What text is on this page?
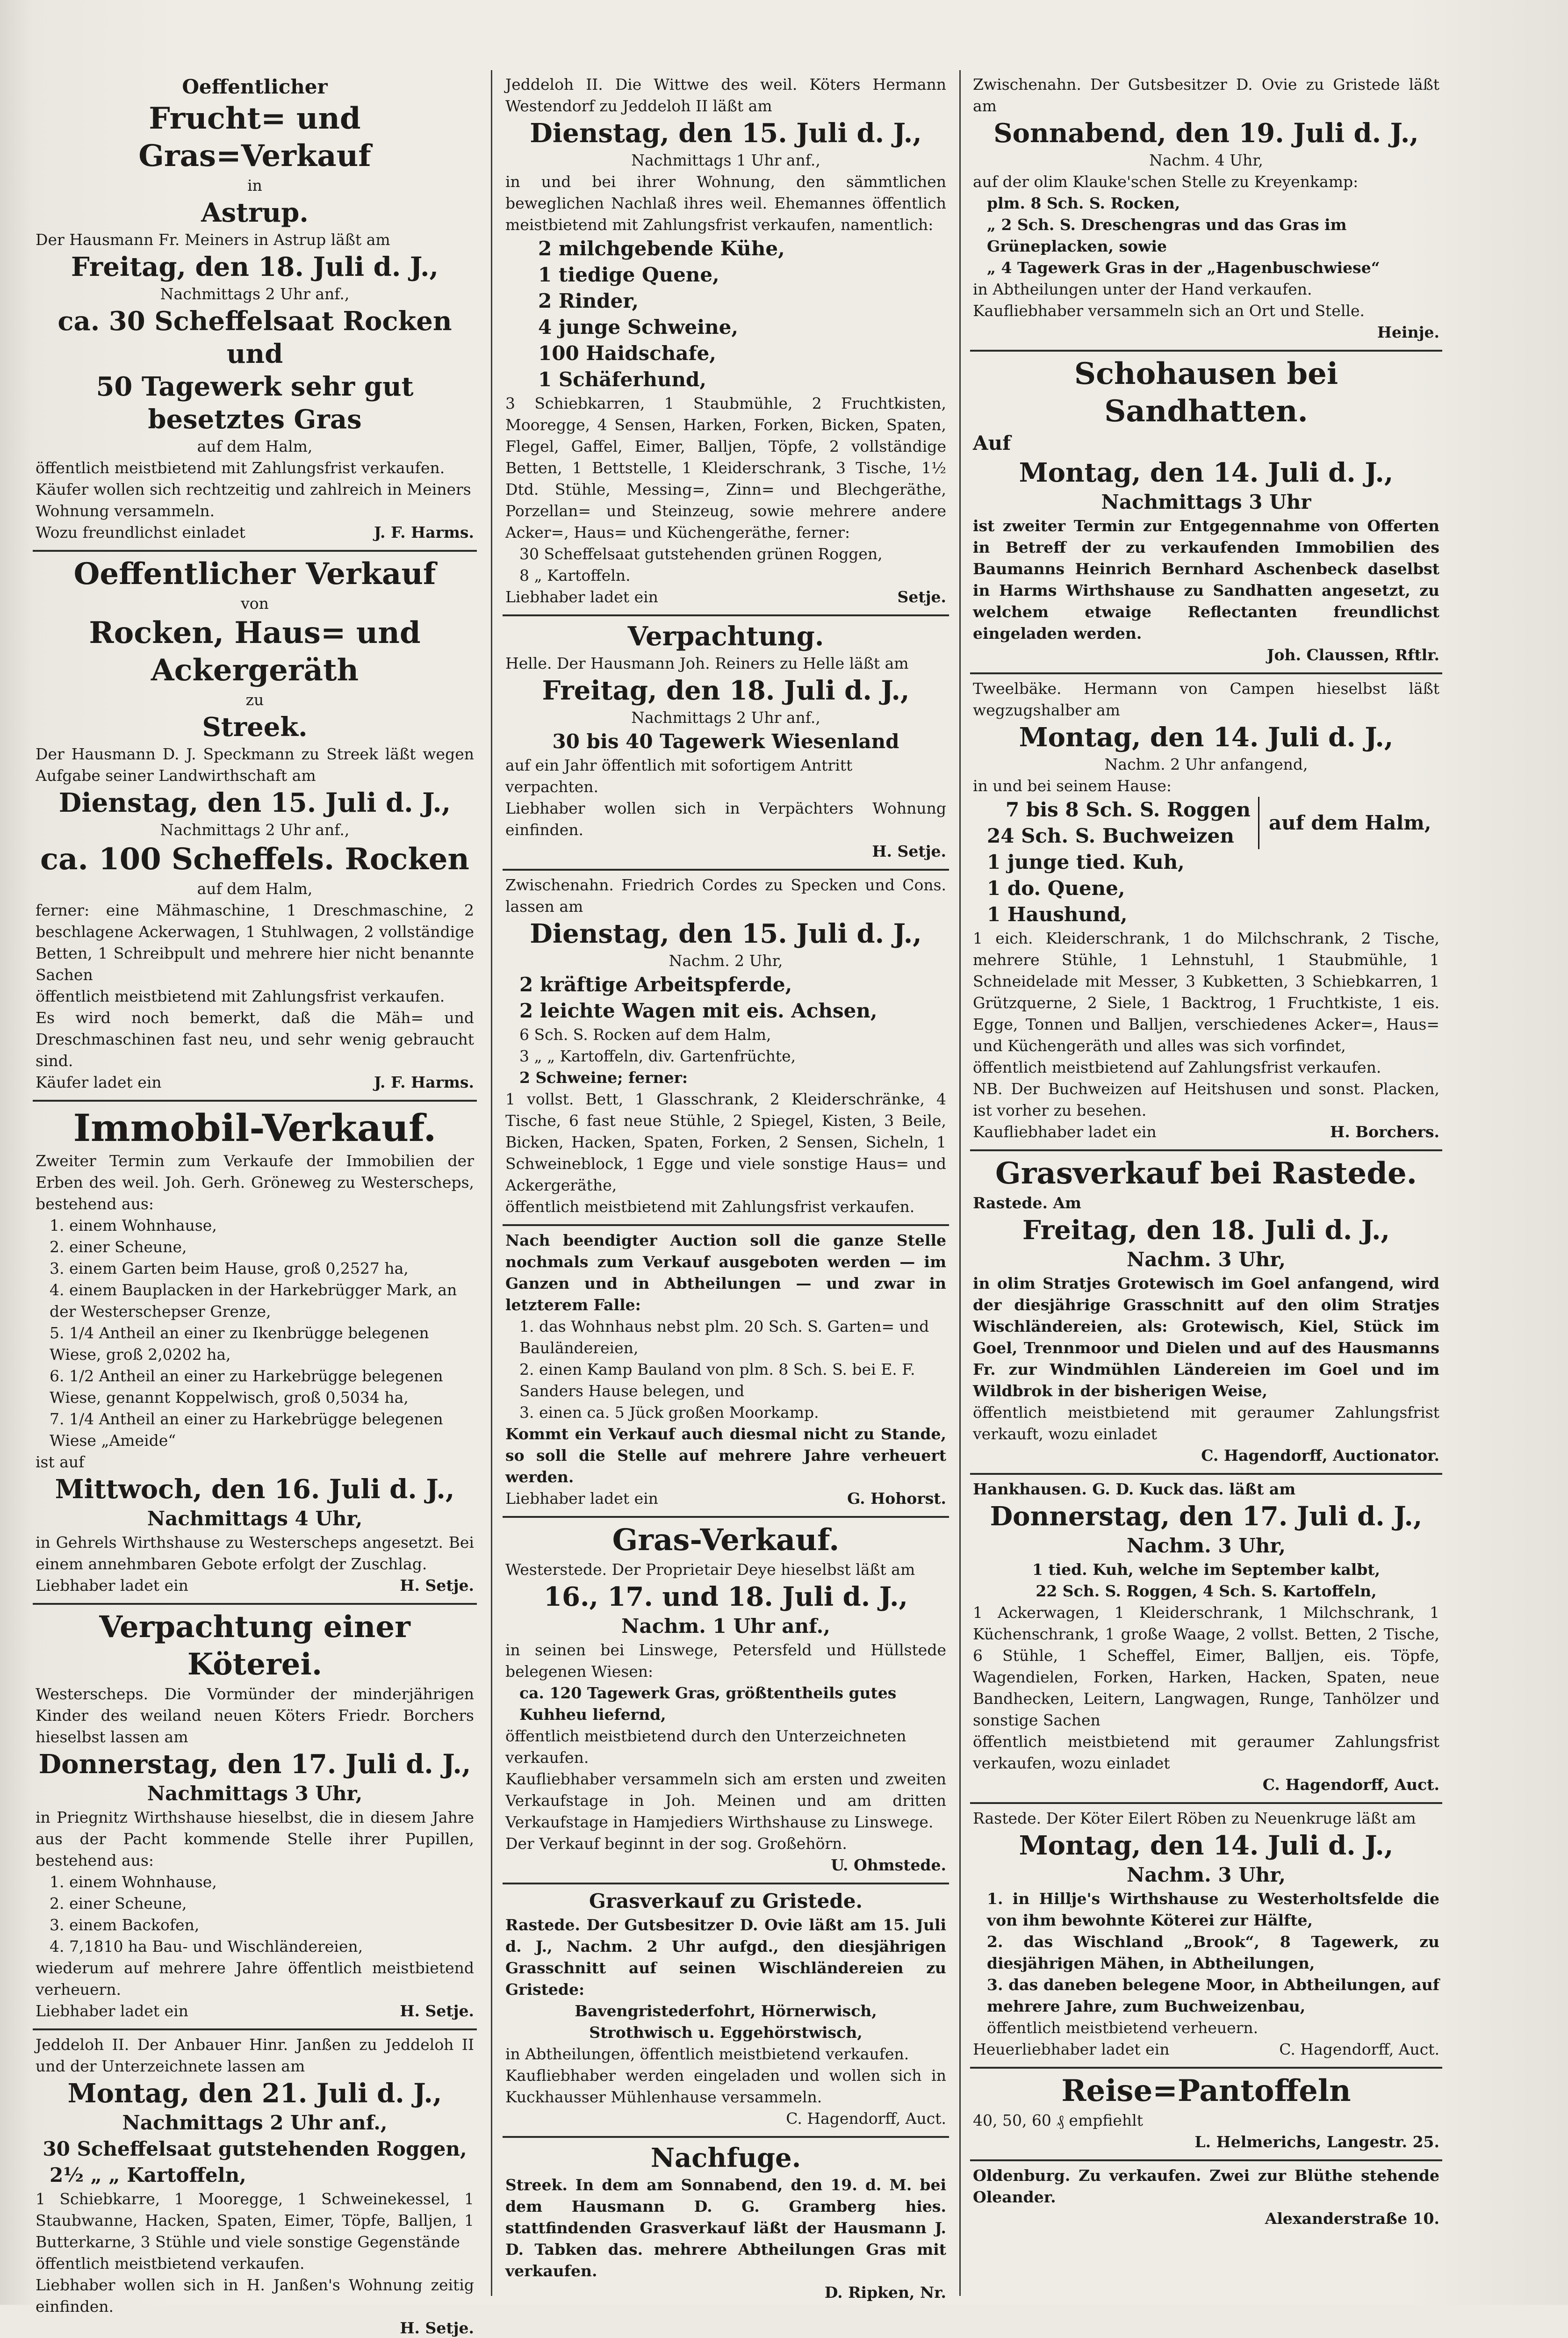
Oeffentlicher
Frucht= und Gras=Verkauf
in
Astrup.
Der Hausmann Fr. Meiners in Astrup läßt am
Freitag, den 18. Juli d. J.,
Nachmittags 2 Uhr anf.,
ca. 30 Scheffelsaat Rocken und
50 Tagewerk sehr gut besetztes Gras
auf dem Halm,
öffentlich meistbietend mit Zahlungsfrist verkaufen.
Käufer wollen sich rechtzeitig und zahlreich in Meiners Wohnung versammeln.
Wozu freundlichst einladet	J. F. Harms.
Oeffentlicher Verkauf
von
Rocken, Haus= und Ackergeräth
zu
Streek.
Der Hausmann D. J. Speckmann zu Streek läßt wegen Aufgabe seiner Landwirthschaft am
Dienstag, den 15. Juli d. J.,
Nachmittags 2 Uhr anf.,
ca. 100 Scheffels. Rocken
auf dem Halm,
ferner: eine Mähmaschine, 1 Dreschmaschine, 2 beschlagene Ackerwagen, 1 Stuhlwagen, 2 vollständige Betten, 1 Schreibpult und mehrere hier nicht benannte Sachen
öffentlich meistbietend mit Zahlungsfrist verkaufen.
Es wird noch bemerkt, daß die Mäh= und Dreschmaschinen fast neu, und sehr wenig gebraucht sind.
Käufer ladet ein	J. F. Harms.
Immobil-Verkauf.
Zweiter Termin zum Verkaufe der Immobilien der Erben des weil. Joh. Gerh. Gröneweg zu Westerscheps, bestehend aus:
1. einem Wohnhause,
2. einer Scheune,
3. einem Garten beim Hause, groß 0,2527 ha,
4. einem Bauplacken in der Harkebrügger Mark, an der Westerschepser Grenze,
5. 1/4 Antheil an einer zu Ikenbrügge belegenen Wiese, groß 2,0202 ha,
6. 1/2 Antheil an einer zu Harkebrügge belegenen Wiese, genannt Koppelwisch, groß 0,5034 ha,
7. 1/4 Antheil an einer zu Harkebrügge belegenen Wiese „Ameide“
ist auf
Mittwoch, den 16. Juli d. J.,
Nachmittags 4 Uhr,
in Gehrels Wirthshause zu Westerscheps angesetzt. Bei einem annehmbaren Gebote erfolgt der Zuschlag.
Liebhaber ladet ein	H. Setje.
Verpachtung einer Köterei.
Westerscheps. Die Vormünder der minderjährigen Kinder des weiland neuen Köters Friedr. Borchers hieselbst lassen am
Donnerstag, den 17. Juli d. J.,
Nachmittags 3 Uhr,
in Priegnitz Wirthshause hieselbst, die in diesem Jahre aus der Pacht kommende Stelle ihrer Pupillen, bestehend aus:
1. einem Wohnhause,
2. einer Scheune,
3. einem Backofen,
4. 7,1810 ha Bau- und Wischländereien,
wiederum auf mehrere Jahre öffentlich meistbietend verheuern.
Liebhaber ladet ein	H. Setje.
Jeddeloh II. Der Anbauer Hinr. Janßen zu Jeddeloh II und der Unterzeichnete lassen am
Montag, den 21. Juli d. J.,
Nachmittags 2 Uhr anf.,
30 Scheffelsaat gutstehenden Roggen,
2½ „ „ Kartoffeln,
1 Schiebkarre, 1 Mooregge, 1 Schweinekessel, 1 Staubwanne, Hacken, Spaten, Eimer, Töpfe, Balljen, 1 Butterkarne, 3 Stühle und viele sonstige Gegenstände
öffentlich meistbietend verkaufen.
Liebhaber wollen sich in H. Janßen's Wohnung zeitig einfinden.
H. Setje.
Jeddeloh II. Die Wittwe des weil. Köters Hermann Westendorf zu Jeddeloh II läßt am
Dienstag, den 15. Juli d. J.,
Nachmittags 1 Uhr anf.,
in und bei ihrer Wohnung, den sämmtlichen beweglichen Nachlaß ihres weil. Ehemannes öffentlich meistbietend mit Zahlungsfrist verkaufen, namentlich:
2 milchgebende Kühe,
1 tiedige Quene,
2 Rinder,
4 junge Schweine,
100 Haidschafe,
1 Schäferhund,
3 Schiebkarren, 1 Staubmühle, 2 Fruchtkisten, Mooregge, 4 Sensen, Harken, Forken, Bicken, Spaten, Flegel, Gaffel, Eimer, Balljen, Töpfe, 2 vollständige Betten, 1 Bettstelle, 1 Kleiderschrank, 3 Tische, 1½ Dtd. Stühle, Messing=, Zinn= und Blechgeräthe, Porzellan= und Steinzeug, sowie mehrere andere Acker=, Haus= und Küchengeräthe, ferner:
30 Scheffelsaat gutstehenden grünen Roggen,
8 „ Kartoffeln.
Liebhaber ladet ein	Setje.
Verpachtung.
Helle. Der Hausmann Joh. Reiners zu Helle läßt am
Freitag, den 18. Juli d. J.,
Nachmittags 2 Uhr anf.,
30 bis 40 Tagewerk Wiesenland
auf ein Jahr öffentlich mit sofortigem Antritt verpachten.
Liebhaber wollen sich in Verpächters Wohnung einfinden.
H. Setje.
Zwischenahn. Friedrich Cordes zu Specken und Cons. lassen am
Dienstag, den 15. Juli d. J.,
Nachm. 2 Uhr,
2 kräftige Arbeitspferde,
2 leichte Wagen mit eis. Achsen,
6 Sch. S. Rocken auf dem Halm,
3 „ „ Kartoffeln, div. Gartenfrüchte,
2 Schweine; ferner:
1 vollst. Bett, 1 Glasschrank, 2 Kleiderschränke, 4 Tische, 6 fast neue Stühle, 2 Spiegel, Kisten, 3 Beile, Bicken, Hacken, Spaten, Forken, 2 Sensen, Sicheln, 1 Schweineblock, 1 Egge und viele sonstige Haus= und Ackergeräthe,
öffentlich meistbietend mit Zahlungsfrist verkaufen.
Nach beendigter Auction soll die ganze Stelle nochmals zum Verkauf ausgeboten werden — im Ganzen und in Abtheilungen — und zwar in letzterem Falle:
1. das Wohnhaus nebst plm. 20 Sch. S. Garten= und Bauländereien,
2. einen Kamp Bauland von plm. 8 Sch. S. bei E. F. Sanders Hause belegen, und
3. einen ca. 5 Jück großen Moorkamp.
Kommt ein Verkauf auch diesmal nicht zu Stande, so soll die Stelle auf mehrere Jahre verheuert werden.
Liebhaber ladet ein	G. Hohorst.
Gras-Verkauf.
Westerstede. Der Proprietair Deye hieselbst läßt am
16., 17. und 18. Juli d. J.,
Nachm. 1 Uhr anf.,
in seinen bei Linswege, Petersfeld und Hüllstede belegenen Wiesen:
ca. 120 Tagewerk Gras, größtentheils gutes Kuhheu liefernd,
öffentlich meistbietend durch den Unterzeichneten verkaufen.
Kaufliebhaber versammeln sich am ersten und zweiten Verkaufstage in Joh. Meinen und am dritten Verkaufstage in Hamjediers Wirthshause zu Linswege.
Der Verkauf beginnt in der sog. Großehörn.
U. Ohmstede.
Grasverkauf zu Gristede.
Rastede. Der Gutsbesitzer D. Ovie läßt am 15. Juli d. J., Nachm. 2 Uhr aufgd., den diesjährigen Grasschnitt auf seinen Wischländereien zu Gristede:
Bavengristederfohrt, Hörnerwisch,
Strothwisch u. Eggehörstwisch,
in Abtheilungen, öffentlich meistbietend verkaufen.
Kaufliebhaber werden eingeladen und wollen sich in Kuckhausser Mühlenhause versammeln.
C. Hagendorff, Auct.
Nachfuge.
Streek. In dem am Sonnabend, den 19. d. M. bei dem Hausmann D. G. Gramberg hies. stattfindenden Grasverkauf läßt der Hausmann J. D. Tabken das. mehrere Abtheilungen Gras mit verkaufen.
D. Ripken, Nr.
Zwischenahn. Der Gutsbesitzer D. Ovie zu Gristede läßt am
Sonnabend, den 19. Juli d. J.,
Nachm. 4 Uhr,
auf der olim Klauke'schen Stelle zu Kreyenkamp:
plm. 8 Sch. S. Rocken,
„ 2 Sch. S. Dreschengras und das Gras im Grüneplacken, sowie
„ 4 Tagewerk Gras in der „Hagenbuschwiese“
in Abtheilungen unter der Hand verkaufen.
Kaufliebhaber versammeln sich an Ort und Stelle.
Heinje.
Schohausen bei Sandhatten.
Auf
Montag, den 14. Juli d. J.,
Nachmittags 3 Uhr
ist zweiter Termin zur Entgegennahme von Offerten in Betreff der zu verkaufenden Immobilien des Baumanns Heinrich Bernhard Aschenbeck daselbst in Harms Wirthshause zu Sandhatten angesetzt, zu welchem etwaige Reflectanten freundlichst eingeladen werden.
Joh. Claussen, Rftlr.
Tweelbäke. Hermann von Campen hieselbst läßt wegzugshalber am
Montag, den 14. Juli d. J.,
Nachm. 2 Uhr anfangend,
in und bei seinem Hause:
7 bis 8 Sch. S. Roggen
24 Sch. S. Buchweizen
auf dem Halm,
1 junge tied. Kuh,
1 do. Quene,
1 Haushund,
1 eich. Kleiderschrank, 1 do Milchschrank, 2 Tische, mehrere Stühle, 1 Lehnstuhl, 1 Staubmühle, 1 Schneidelade mit Messer, 3 Kubketten, 3 Schiebkarren, 1 Grützquerne, 2 Siele, 1 Backtrog, 1 Fruchtkiste, 1 eis. Egge, Tonnen und Balljen, verschiedenes Acker=, Haus= und Küchengeräth und alles was sich vorfindet,
öffentlich meistbietend auf Zahlungsfrist verkaufen.
NB. Der Buchweizen auf Heitshusen und sonst. Placken, ist vorher zu besehen.
Kaufliebhaber ladet ein	H. Borchers.
Grasverkauf bei Rastede.
Rastede. Am
Freitag, den 18. Juli d. J.,
Nachm. 3 Uhr,
in olim Stratjes Grotewisch im Goel anfangend, wird der diesjährige Grasschnitt auf den olim Stratjes Wischländereien, als: Grotewisch, Kiel, Stück im Goel, Trennmoor und Dielen und auf des Hausmanns Fr. zur Windmühlen Ländereien im Goel und im Wildbrok in der bisherigen Weise,
öffentlich meistbietend mit geraumer Zahlungsfrist verkauft, wozu einladet
C. Hagendorff, Auctionator.
Hankhausen. G. D. Kuck das. läßt am
Donnerstag, den 17. Juli d. J.,
Nachm. 3 Uhr,
1 tied. Kuh, welche im September kalbt,
22 Sch. S. Roggen, 4 Sch. S. Kartoffeln,
1 Ackerwagen, 1 Kleiderschrank, 1 Milchschrank, 1 Küchenschrank, 1 große Waage, 2 vollst. Betten, 2 Tische, 6 Stühle, 1 Scheffel, Eimer, Balljen, eis. Töpfe, Wagendielen, Forken, Harken, Hacken, Spaten, neue Bandhecken, Leitern, Langwagen, Runge, Tanhölzer und sonstige Sachen
öffentlich meistbietend mit geraumer Zahlungsfrist verkaufen, wozu einladet
C. Hagendorff, Auct.
Rastede. Der Köter Eilert Röben zu Neuenkruge läßt am
Montag, den 14. Juli d. J.,
Nachm. 3 Uhr,
1. in Hillje's Wirthshause zu Westerholtsfelde die von ihm bewohnte Köterei zur Hälfte,
2. das Wischland „Brook“, 8 Tagewerk, zu diesjährigen Mähen, in Abtheilungen,
3. das daneben belegene Moor, in Abtheilungen, auf mehrere Jahre, zum Buchweizenbau,
öffentlich meistbietend verheuern.
Heuerliebhaber ladet ein	C. Hagendorff, Auct.
Reise=Pantoffeln
40, 50, 60 ₰ empfiehlt
L. Helmerichs, Langestr. 25.
Oldenburg. Zu verkaufen. Zwei zur Blüthe stehende Oleander.
Alexanderstraße 10.
